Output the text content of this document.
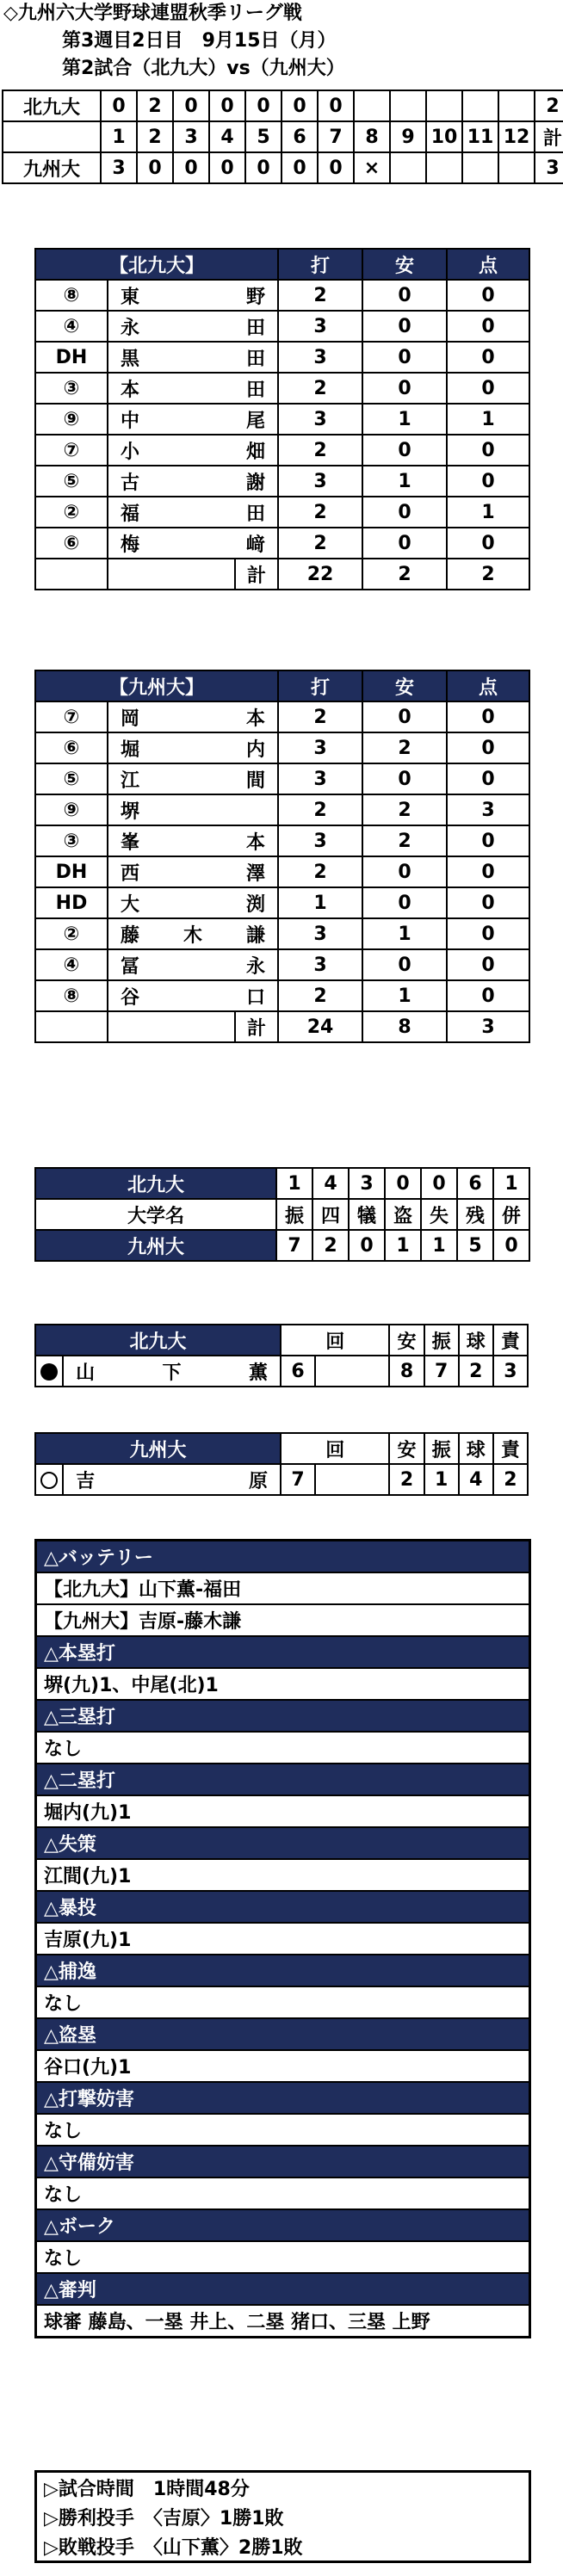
◇九州六大学野球連盟秋季リーグ戦
第3週目2日目　9月15日（月）
第2試合（北九大）vs（九州大）
北九大	0	2	0	0	0	0	0						2
	1	2	3	4	5	6	7	8	9	10	11	12	計
九州大	3	0	0	0	0	0	0	×					3
【北九大】			打	安	点
⑧	東 野		2	0	0
④	永 田		3	0	0
DH	黒 田		3	0	0
③	本 田		2	0	0
⑨	中 尾		3	1	1
⑦	小 畑		2	0	0
⑤	古 謝		3	1	0
②	福 田		2	0	1
⑥	梅 﨑		2	0	0
		計	22	2	2
【九州大】			打	安	点
⑦	岡 本		2	0	0
⑥	堀 内		3	2	0
⑤	江 間		3	0	0
⑨	堺		2	2	3
③	峯 本		3	2	0
DH	西 澤		2	0	0
HD	大 渕		1	0	0
②	藤 木 謙		3	1	0
④	冨 永		3	0	0
⑧	谷 口		2	1	0
		計	24	8	3
北九大	1	4	3	0	0	6	1
大学名	振	四	犠	盗	失	残	併
九州大	7	2	0	1	1	5	0
北九大		回		安	振	球	責

	山 下 薫	6		8	7	2	3
九州大		回		安	振	球	責

	吉 原	7		2	1	4	2
△バッテリー
【北九大】山下薫-福田
【九州大】吉原-藤木謙
△本塁打
堺(九)1、中尾(北)1
△三塁打
なし
△二塁打
堀内(九)1
△失策
江間(九)1
△暴投
吉原(九)1
△捕逸
なし
△盗塁
谷口(九)1
△打撃妨害
なし
△守備妨害
なし
△ボーク
なし
△審判
球審 藤島、一塁 井上、二塁 猪口、三塁 上野
▷試合時間　1時間48分
▷勝利投手　〈吉原〉1勝1敗
▷敗戦投手　〈山下薫〉2勝1敗
